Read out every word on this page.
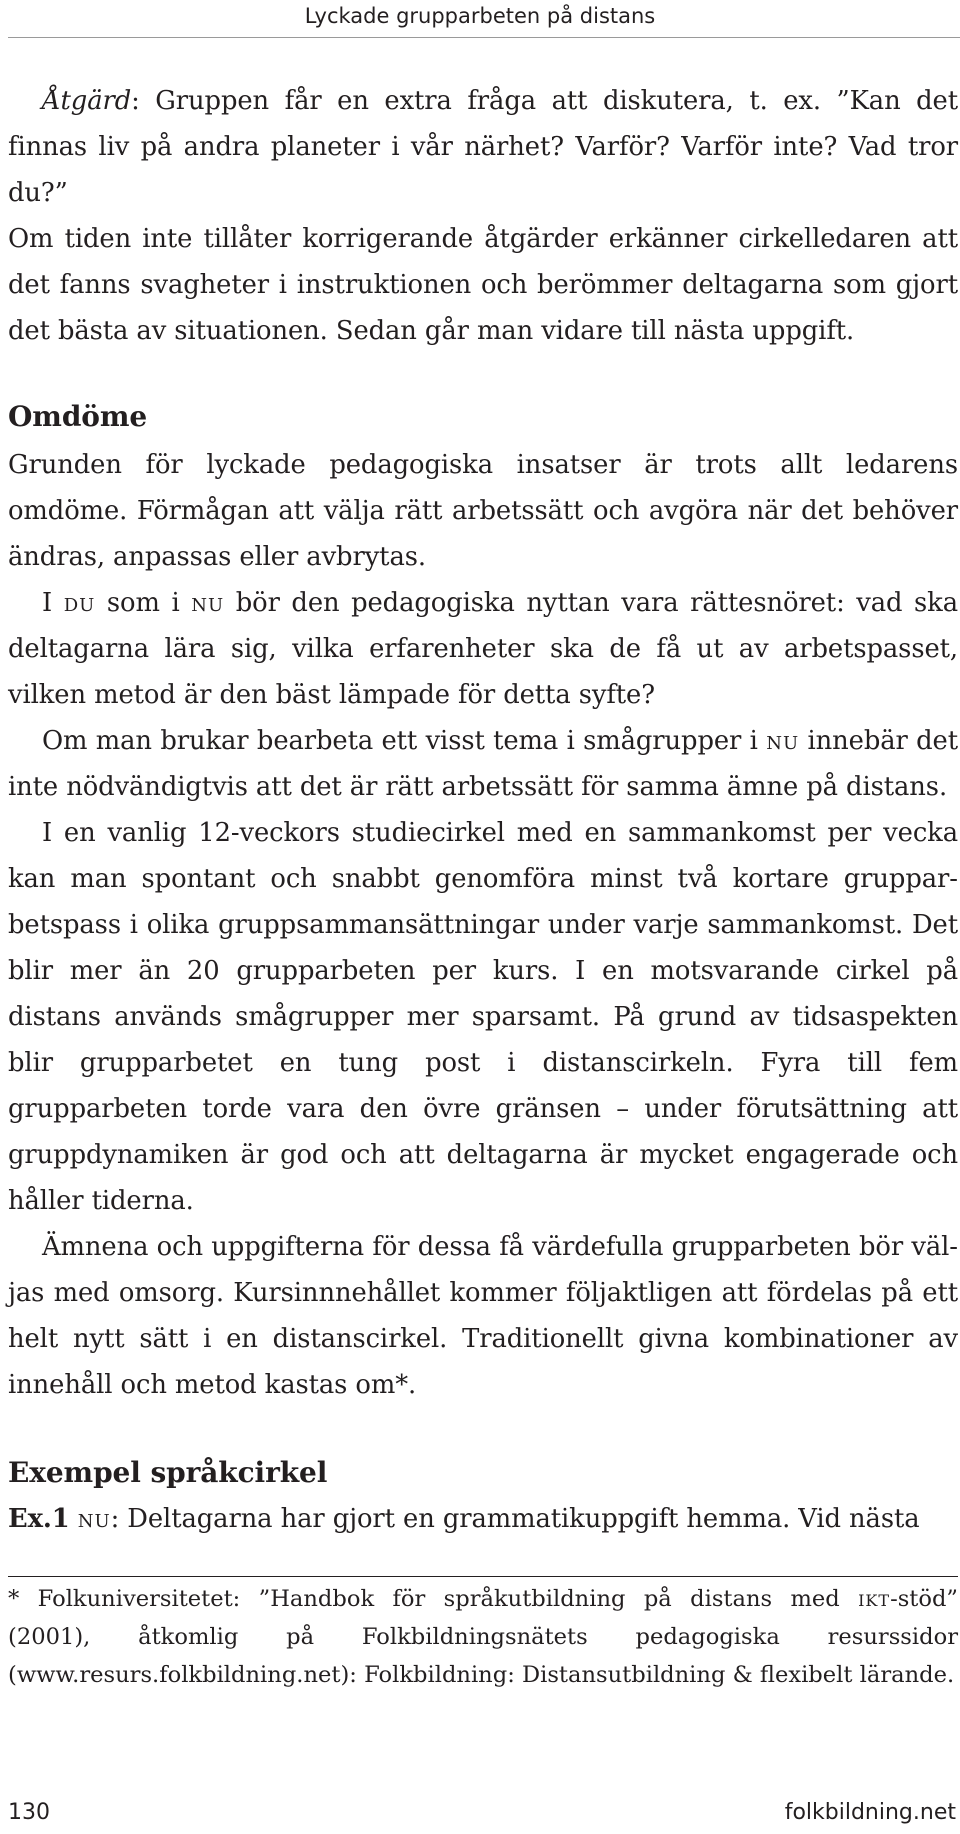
Lyckade grupparbeten på distans

Åtgärd: Gruppen får en extra fråga att diskutera, t. ex. ”Kan det finnas liv på andra planeter i vår närhet? Varför? Varför inte? Vad tror du?”

Om tiden inte tillåter korrigerande åtgärder erkänner cirkelledaren att det fanns svagheter i instruktionen och berömmer deltagarna som gjort det bästa av situationen. Sedan går man vidare till nästa uppgift.

Omdöme

Grunden för lyckade pedagogiska insatser är trots allt ledarens omdöme. Förmågan att välja rätt arbetssätt och avgöra när det behöver ändras, anpassas eller avbrytas.

I du som i nu bör den pedagogiska nyttan vara rättesnöret: vad ska deltagarna lära sig, vilka erfarenheter ska de få ut av arbetspasset, vilken metod är den bäst lämpade för detta syfte?

Om man brukar bearbeta ett visst tema i smågrupper i nu innebär det inte nödvändigtvis att det är rätt arbetssätt för samma ämne på distans.

I en vanlig 12-veckors studiecirkel med en sammankomst per vecka kan man spontant och snabbt genomföra minst två kortare grupparbetspass i olika gruppsammansättningar under varje sammankomst. Det blir mer än 20 grupparbeten per kurs. I en motsvarande cirkel på distans används smågrupper mer sparsamt. På grund av tidsaspekten blir grupparbetet en tung post i distanscirkeln. Fyra till fem grupparbeten torde vara den övre gränsen – under förutsättning att gruppdynamiken är god och att deltagarna är mycket engagerade och håller tiderna.

Ämnena och uppgifterna för dessa få värdefulla grupparbeten bör väljas med omsorg. Kursinnnehållet kommer följaktligen att fördelas på ett helt nytt sätt i en distanscirkel. Traditionellt givna kombinationer av innehåll och metod kastas om*.

Exempel språkcirkel

Ex.1 nu: Deltagarna har gjort en grammatikuppgift hemma. Vid nästa

* Folkuniversitetet: ”Handbok för språkutbildning på distans med ikt-stöd” (2001), åtkomlig på Folkbildningsnätets pedagogiska resurssidor (www.resurs.folkbildning.net): Folkbildning: Distansutbildning & flexibelt lärande.

130	folkbildning.net
